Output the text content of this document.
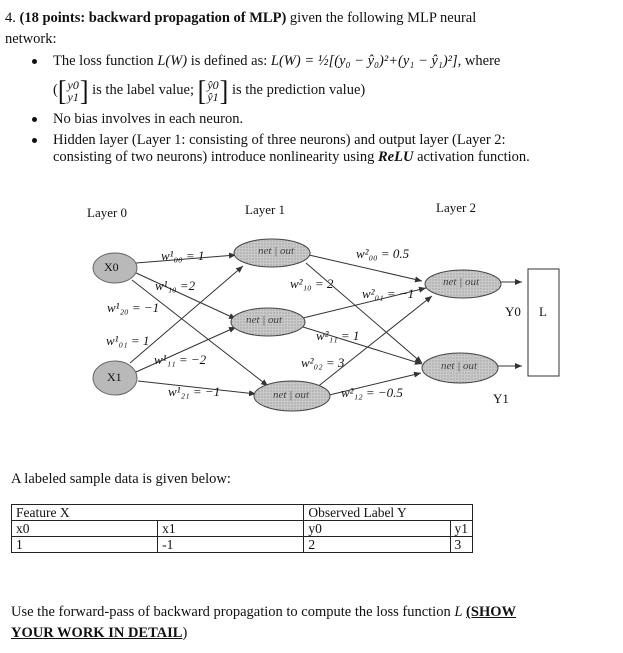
4. (18 points: backward propagation of MLP) given the following MLP neural
network:
The loss function L(W) is defined as: L(W) = ½[(y₀ − ŷ₀)²+(y₁ − ŷ₁)²], where
( [ y0
y1 ] is the label value; [ ŷ0
ŷ1 ] is the prediction value)
No bias involves in each neuron.
Hidden layer (Layer 1: consisting of three neurons) and output layer (Layer 2:
consisting of two neurons) introduce nonlinearity using ReLU activation function.
Layer 0	Layer 1	Layer 2
X0
X1
net | out
net | out
net | out
net | out
net | out
Y0 L
Y1
w¹₀₀ = 1
w¹₁₀ =2
w¹₂₀ = −1
w¹₀₁ = 1
w¹₁₁ = −2
w¹₂₁ = −1
w²₀₀ = 0.5
w²₁₀ = 2
w²₀₁ = −1
w²₁₁ = 1
w²₀₂ = 3
w²₁₂ = −0.5
A labeled sample data is given below:
Feature X		Observed Label Y	
x0	x1	y0	y1
1	-1	2	3
Use the forward-pass of backward propagation to compute the loss function L (SHOW
YOUR WORK IN DETAIL)
